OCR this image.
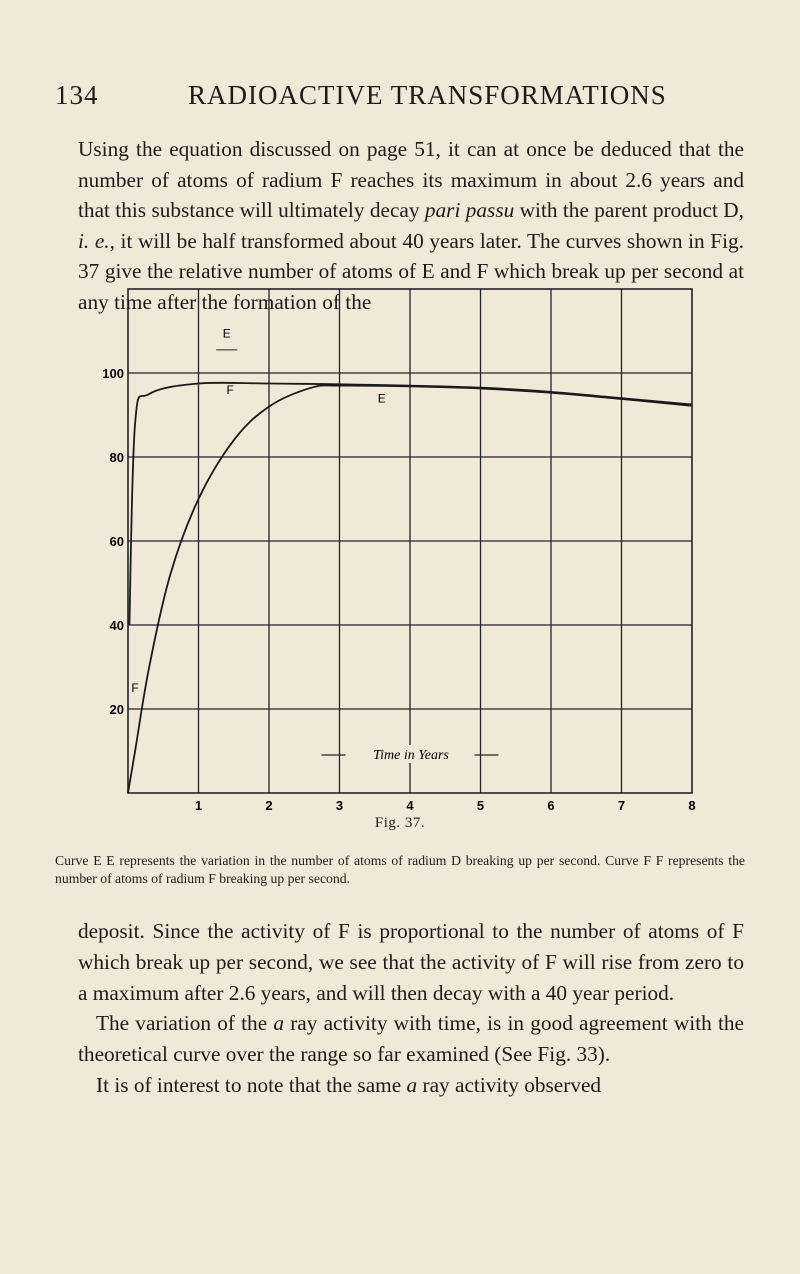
134	RADIOACTIVE TRANSFORMATIONS
Using the equation discussed on page 51, it can at once be deduced that the number of atoms of radium F reaches its maximum in about 2.6 years and that this substance will ultimately decay pari passu with the parent product D, i. e., it will be half transformed about 40 years later. The curves shown in Fig. 37 give the relative number of atoms of E and F which break up per second at any time after the formation of the
20
40
60
80
100
1	2	3	4	5	6	7	8
E
E
F
F
Time in Years
Fig. 37.
Curve E E represents the variation in the number of atoms of radium D breaking up per second. Curve F F represents the number of atoms of radium F breaking up per second.

deposit. Since the activity of F is proportional to the number of atoms of F which break up per second, we see that the activity of F will rise from zero to a maximum after 2.6 years, and will then decay with a 40 year period.

The variation of the a ray activity with time, is in good agreement with the theoretical curve over the range so far examined (See Fig. 33).

It is of interest to note that the same a ray activity observed
